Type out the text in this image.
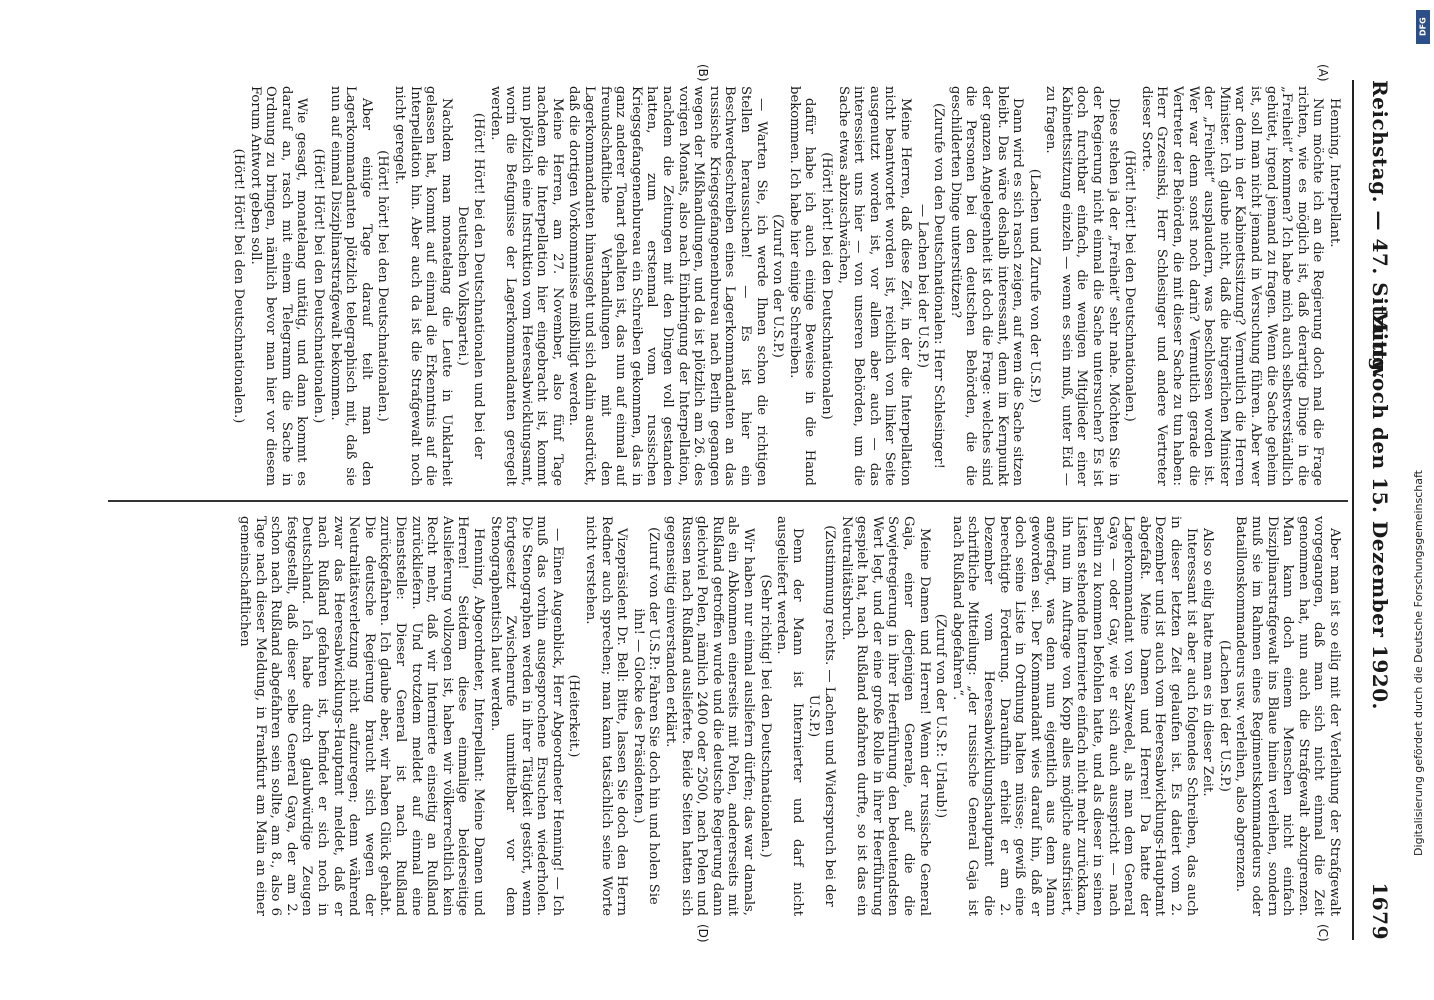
Reichstag. — 47. Sitzung.
Mittwoch den 15. Dezember 1920.
1679
(A)
(B)
(C)
(D)

Henning, Interpellant.

Nun möchte ich an die Regierung doch mal die Frage richten, wie es möglich ist, daß derartige Dinge in die „Freiheit“ kommen? Ich habe mich auch selbstverständlich gehütet, irgend jemand zu fragen. Wenn die Sache geheim ist, soll man nicht jemand in Versuchung führen. Aber wer war denn in der Kabinettssitzung? Vermutlich die Herren Minister. Ich glaube nicht, daß die bürgerlichen Minister der „Freiheit“ ausplaudern, was beschlossen worden ist. Wer war denn sonst noch darin? Vermutlich gerade die Vertreter der Behörden, die mit dieser Sache zu tun haben: Herr Grzesinski, Herr Schlesinger und andere Vertreter dieser Sorte.

(Hört! hört! bei den Deutschnationalen.)

Diese stehen ja der „Freiheit“ sehr nahe. Möchten Sie in der Regierung nicht einmal die Sache untersuchen? Es ist doch furchtbar einfach, die wenigen Mitglieder einer Kabinettssitzung einzeln — wenn es sein muß, unter Eid — zu fragen.

(Lachen und Zurufe von der U.S.P.)

Dann wird es sich rasch zeigen, auf wem die Sache sitzen bleibt. Das wäre deshalb interessant, denn im Kernpunkt der ganzen Angelegenheit ist doch die Frage: welches sind die Personen bei den deutschen Behörden, die die geschilderten Dinge unterstützen?

(Zurufe von den Deutschnationalen: Herr Schlesinger!

— Lachen bei der U.S.P.)

Meine Herren, daß diese Zeit, in der die Interpellation nicht beantwortet worden ist, reichlich von linker Seite ausgenutzt worden ist, vor allem aber auch — das interessiert uns hier — von unseren Behörden, um die Sache etwas abzuschwächen,

(Hört! hört! bei den Deutschnationalen)

dafür habe ich auch einige Beweise in die Hand bekommen. Ich habe hier einige Schreiben.

(Zuruf von der U.S.P.)

— Warten Sie, ich werde Ihnen schon die richtigen Stellen heraussuchen! — Es ist hier ein Beschwerdeschreiben eines Lagerkommandanten an das russische Kriegsgefangenenbureau nach Berlin gegangen wegen der Mißhandlungen, und da ist plötzlich am 26. des vorigen Monats, also nach Einbringung der Interpellation, nachdem die Zeitungen mit den Dingen voll gestanden hatten, zum erstenmal vom russischen Kriegsgefangenenbureau ein Schreiben gekommen, das in ganz anderer Tonart gehalten ist, das nun auf einmal auf freundschaftliche Verhandlungen mit den Lagerkommandanten hinausgeht und sich dahin ausdrückt, daß die dortigen Vorkommnisse mißbilligt werden.

Meine Herren, am 27. November, also fünf Tage nachdem die Interpellation hier eingebracht ist, kommt nun plötzlich eine Instruktion vom Heeresabwicklungsamt, worin die Befugnisse der Lagerkommandanten geregelt werden.

(Hört! Hört! bei den Deutschnationalen und bei der Deutschen Volkspartei.)

Nachdem man monatelang die Leute in Unklarheit gelassen hat, kommt auf einmal die Erkenntnis auf die Interpellation hin. Aber auch da ist die Strafgewalt noch nicht geregelt.

(Hört! hört! bei den Deutschnationalen.)

Aber einige Tage darauf teilt man den Lagerkommandanten plötzlich telegraphisch mit, daß sie nun auf einmal Disziplinarstrafgewalt bekommen.

(Hört! Hört! bei den Deutschnationalen.)

Wie gesagt, monatelang untätig, und dann kommt es darauf an, rasch mit einem Telegramm die Sache in Ordnung zu bringen, nämlich bevor man hier vor diesem Forum Antwort geben soll.

(Hört! Hört! bei den Deutschnationalen.)

Aber man ist so eilig mit der Verleihung der Strafgewalt vorgegangen, daß man sich nicht einmal die Zeit genommen hat, nun auch die Strafgewalt abzugrenzen. Man kann doch einem Menschen nicht einfach Disziplinarstrafgewalt ins Blaue hinein verleihen, sondern muß sie im Rahmen eines Regimentskommandeurs oder Bataillonskommandeurs usw. verleihen, also abgrenzen.

(Lachen bei der U.S.P.)

Also so eilig hatte man es in dieser Zeit.

Interessant ist aber auch folgendes Schreiben, das auch in dieser letzten Zeit gelaufen ist. Es datiert vom 2. Dezember und ist auch vom Heeresabwicklungs-Hauptamt abgefaßt. Meine Damen und Herren! Da hatte der Lagerkommandant von Salzwedel, als man dem General Gaya — oder Gay, wie er sich auch ausspricht — nach Berlin zu kommen befohlen hatte, und als dieser in seinen Listen stehende Internierte einfach nicht mehr zurückkam, ihn nun im Auftrage von Kopp alles mögliche ausfrisiert, angefragt, was denn nun eigentlich aus dem Mann geworden sei. Der Kommandant wies darauf hin, daß er doch seine Liste in Ordnung halten müsse; gewiß eine berechtigte Forderung. Daraufhin erhielt er am 2. Dezember vom Heeresabwicklungshauptamt die schriftliche Mitteilung: „der russische General Gaja ist nach Rußland abgefahren“.

(Zuruf von der U.S.P.: Urlaub!)

Meine Damen und Herren! Wenn der russische General Gaja, einer derjenigen Generale, auf die die Sowjetregierung in ihrer Heerführung den bedeutendsten Wert legt, und der eine große Rolle in ihrer Heerführung gespielt hat, nach Rußland abfahren durfte, so ist das ein Neutralitätsbruch.

(Zustimmung rechts. — Lachen und Widerspruch bei der U.S.P.)

Denn der Mann ist Internierter und darf nicht ausgeliefert werden.

(Sehr richtig! bei den Deutschnationalen.)

Wir haben nur einmal ausliefern dürfen; das war damals, als ein Abkommen einerseits mit Polen, andererseits mit Rußland getroffen wurde und die deutsche Regierung dann gleichviel Polen, nämlich 2400 oder 2500, nach Polen und Russen nach Rußland auslieferte. Beide Seiten hatten sich gegenseitig einverstanden erklärt.

(Zuruf von der U.S.P.: Fahren Sie doch hin und holen Sie ihn! — Glocke des Präsidenten.)

Vizepräsident Dr. Bell: Bitte, lassen Sie doch den Herrn Redner auch sprechen; man kann tatsächlich seine Worte nicht verstehen.

(Heiterkeit.)

— Einen Augenblick, Herr Abgeordneter Henning! — Ich muß das vorhin ausgesprochene Ersuchen wiederholen. Die Stenographen werden in ihrer Tätigkeit gestört, wenn fortgesetzt Zwischenrufe unmittelbar vor dem Stenographentisch laut werden.

Henning, Abgeordneter, Interpellant: Meine Damen und Herren! Seitdem diese einmalige beiderseitige Auslieferung vollzogen ist, haben wir völkerrechtlich kein Recht mehr, daß wir Internierte einseitig an Rußland zurückliefern. Und trotzdem meldet auf einmal eine Dienststelle: Dieser General ist nach Rußland zurückgefahren. Ich glaube aber, wir haben Glück gehabt. Die deutsche Regierung braucht sich wegen der Neutralitätsverletzung nicht aufzuregen; denn während zwar das Heeresabwicklungs-Hauptamt meldet, daß er nach Rußland gefahren ist, befindet er sich noch in Deutschland. Ich habe durch glaubwürdige Zeugen festgestellt, daß dieser selbe General Gaya, der am 2. schon nach Rußland abgefahren sein sollte, am 8., also 6 Tage nach dieser Meldung, in Frankfurt am Main an einer gemeinschaftlichen

DFG
Digitalisierung gefördert durch die Deutsche Forschungsgemeinschaft
